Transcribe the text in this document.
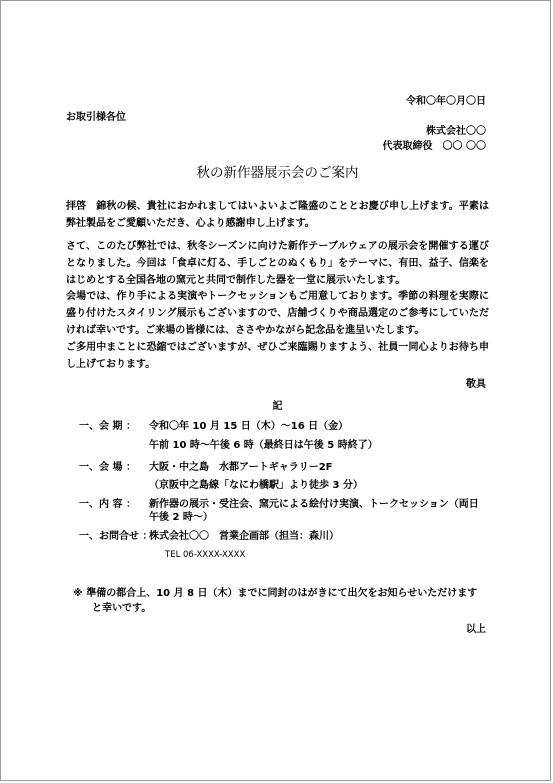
令和〇年〇月〇日
お取引様各位
株式会社〇〇
代表取締役　〇〇 〇〇
秋の新作器展示会のご案内
拝啓　錦秋の候、貴社におかれましてはいよいよご隆盛のこととお慶び申し上げます。平素は弊社製品をご愛顧いただき、心より感謝申し上げます。
さて、このたび弊社では、秋冬シーズンに向けた新作テーブルウェアの展示会を開催する運びとなりました。今回は「食卓に灯る、手しごとのぬくもり」をテーマに、有田、益子、信楽をはじめとする全国各地の窯元と共同で制作した器を一堂に展示いたします。
会場では、作り手による実演やトークセッションもご用意しております。季節の料理を実際に盛り付けたスタイリング展示もございますので、店舗づくりや商品選定のご参考にしていただければ幸いです。ご来場の皆様には、ささやかながら記念品を進呈いたします。
ご多用中まことに恐縮ではございますが、ぜひご来臨賜りますよう、社員一同心よりお待ち申し上げております。
敬具
記
一、会 期 ： 令和〇年 10 月 15 日（木）～16 日（金）
午前 10 時～午後 6 時（最終日は午後 5 時終了）
一、会 場 ： 大阪・中之島　水都アートギャラリー2F
（京阪中之島線「なにわ橋駅」より徒歩 3 分）
一、内 容 ： 新作器の展示・受注会、窯元による絵付け実演、トークセッション（両日
午後 2 時～）
一、お問合せ ：
株式会社〇〇　営業企画部（担当：森川）
TEL 06-XXXX-XXXX
※ 準備の都合上、10 月 8 日（木）までに同封のはがきにて出欠をお知らせいただけます
と幸いです。
以上
